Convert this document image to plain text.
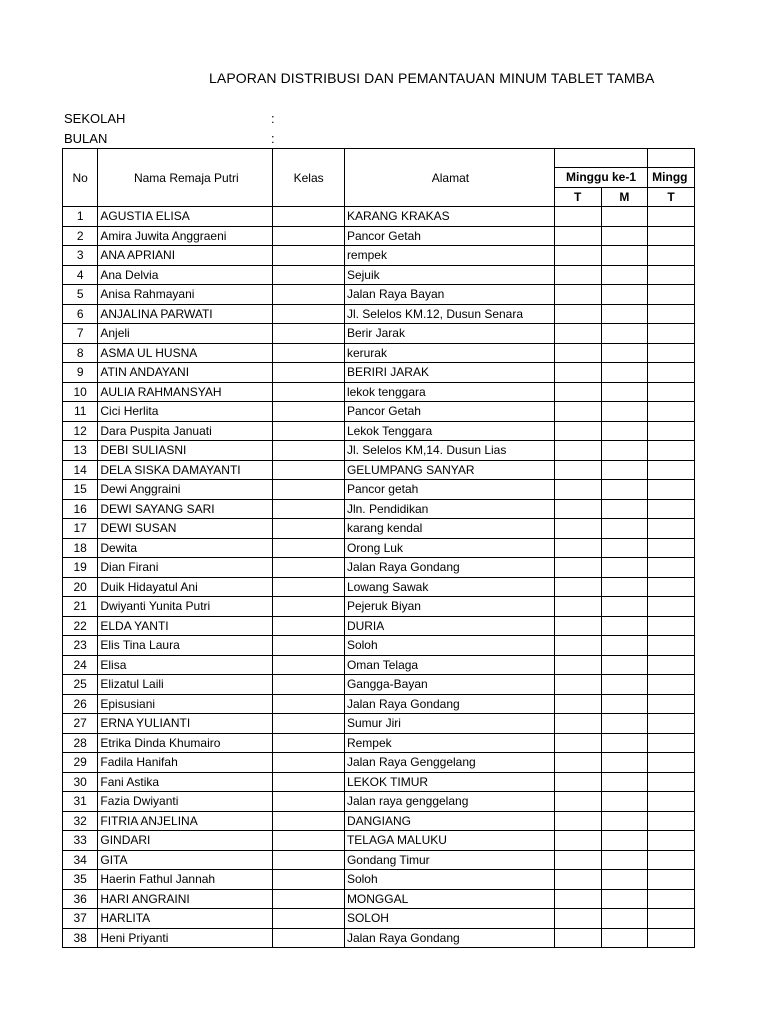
LAPORAN DISTRIBUSI DAN PEMANTAUAN MINUM TABLET TAMBA
SEKOLAH	:
BULAN	:
No	Nama Remaja Putri	Kelas	Alamat			
				Minggu ke-1		Mingg
				T	M	T
1	AGUSTIA ELISA		KARANG KRAKAS			
2	Amira Juwita Anggraeni		Pancor Getah			
3	ANA APRIANI		rempek			
4	Ana Delvia		Sejuik			
5	Anisa Rahmayani		Jalan Raya Bayan			
6	ANJALINA PARWATI		Jl. Selelos KM.12, Dusun Senara			
7	Anjeli		Berir Jarak			
8	ASMA UL HUSNA		kerurak			
9	ATIN ANDAYANI		BERIRI JARAK			
10	AULIA RAHMANSYAH		lekok tenggara			
11	Cici Herlita		Pancor Getah			
12	Dara Puspita Januati		Lekok Tenggara			
13	DEBI SULIASNI		Jl. Selelos KM,14. Dusun Lias			
14	DELA SISKA DAMAYANTI		GELUMPANG SANYAR			
15	Dewi Anggraini		Pancor getah			
16	DEWI SAYANG SARI		Jln. Pendidikan			
17	DEWI SUSAN		karang kendal			
18	Dewita		Orong Luk			
19	Dian Firani		Jalan Raya Gondang			
20	Duik Hidayatul Ani		Lowang Sawak			
21	Dwiyanti Yunita Putri		Pejeruk Biyan			
22	ELDA YANTI		DURIA			
23	Elis Tina Laura		Soloh			
24	Elisa		Oman Telaga			
25	Elizatul Laili		Gangga-Bayan			
26	Episusiani		Jalan Raya Gondang			
27	ERNA YULIANTI		Sumur Jiri			
28	Etrika Dinda Khumairo		Rempek			
29	Fadila Hanifah		Jalan Raya Genggelang			
30	Fani Astika		LEKOK TIMUR			
31	Fazia Dwiyanti		Jalan raya genggelang			
32	FITRIA ANJELINA		DANGIANG			
33	GINDARI		TELAGA MALUKU			
34	GITA		Gondang Timur			
35	Haerin Fathul Jannah		Soloh			
36	HARI ANGRAINI		MONGGAL			
37	HARLITA		SOLOH			
38	Heni Priyanti		Jalan Raya Gondang			
